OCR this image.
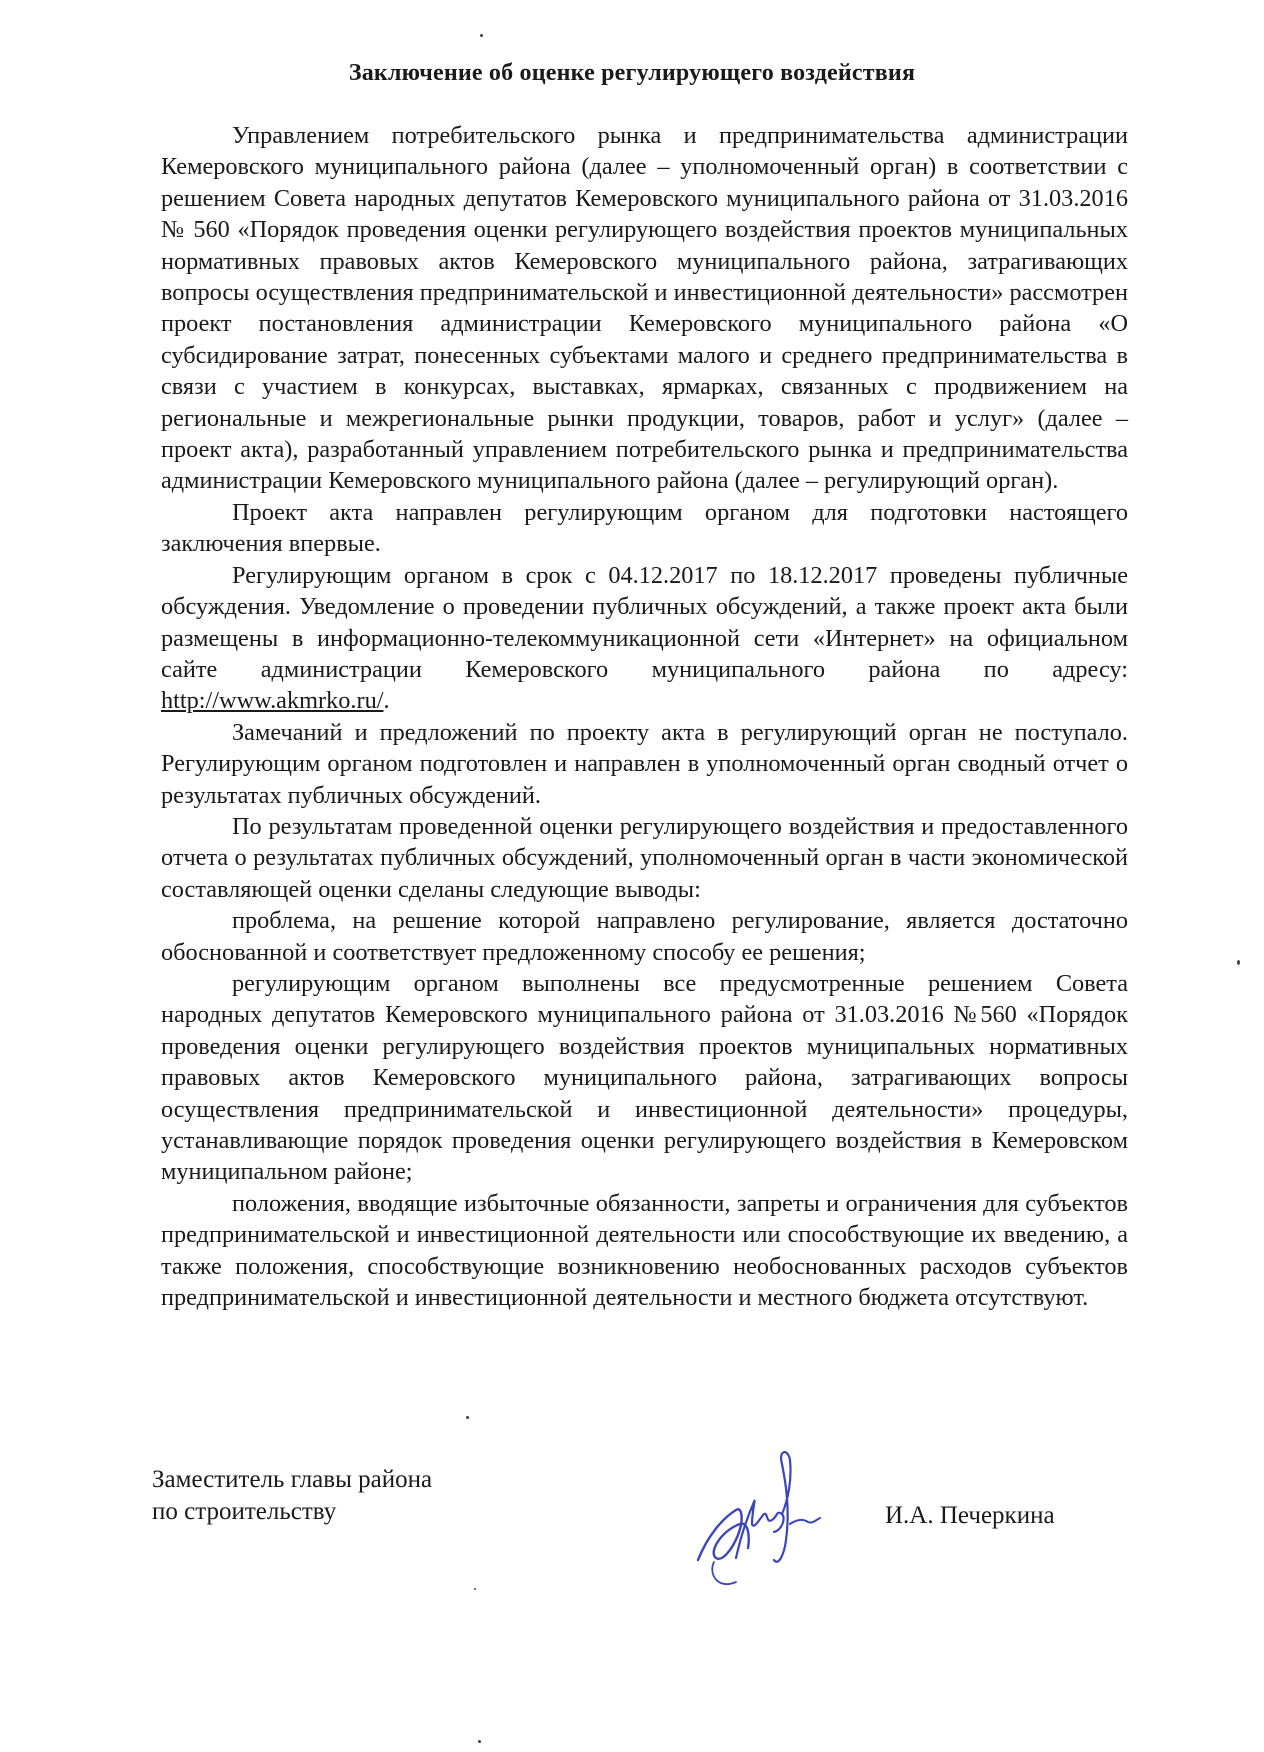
Заключение об оценке регулирующего воздействия

Управлением потребительского рынка и предпринимательства администрации Кемеровского муниципального района (далее – уполномоченный орган) в соответствии с решением Совета народных депутатов Кемеровского муниципального района от 31.03.2016 № 560 «Порядок проведения оценки регулирующего воздействия проектов муниципальных нормативных правовых актов Кемеровского муниципального района, затрагивающих вопросы осуществления предпринимательской и инвестиционной деятельности» рассмотрен проект постановления администрации Кемеровского муниципального района «О субсидирование затрат, понесенных субъектами малого и среднего предпринимательства в связи с участием в конкурсах, выставках, ярмарках, связанных с продвижением на региональные и межрегиональные рынки продукции, товаров, работ и услуг» (далее – проект акта), разработанный управлением потребительского рынка и предпринимательства администрации Кемеровского муниципального района (далее – регулирующий орган).

Проект акта направлен регулирующим органом для подготовки настоящего заключения впервые.

Регулирующим органом в срок с 04.12.2017 по 18.12.2017 проведены публичные обсуждения. Уведомление о проведении публичных обсуждений, а также проект акта были размещены в информационно-телекоммуникационной сети «Интернет» на официальном сайте администрации Кемеровского муниципального района по адресу: http://www.akmrko.ru/.

Замечаний и предложений по проекту акта в регулирующий орган не поступало. Регулирующим органом подготовлен и направлен в уполномоченный орган сводный отчет о результатах публичных обсуждений.

По результатам проведенной оценки регулирующего воздействия и предоставленного отчета о результатах публичных обсуждений, уполномоченный орган в части экономической составляющей оценки сделаны следующие выводы:

проблема, на решение которой направлено регулирование, является достаточно обоснованной и соответствует предложенному способу ее решения;

регулирующим органом выполнены все предусмотренные решением Совета народных депутатов Кемеровского муниципального района от 31.03.2016 №560 «Порядок проведения оценки регулирующего воздействия проектов муниципальных нормативных правовых актов Кемеровского муниципального района, затрагивающих вопросы осуществления предпринимательской и инвестиционной деятельности» процедуры, устанавливающие порядок проведения оценки регулирующего воздействия в Кемеровском муниципальном районе;

положения, вводящие избыточные обязанности, запреты и ограничения для субъектов предпринимательской и инвестиционной деятельности или способствующие их введению, а также положения, способствующие возникновению необоснованных расходов субъектов предпринимательской и инвестиционной деятельности и местного бюджета отсутствуют.

Заместитель главы района
по строительству	И.А. Печеркина
